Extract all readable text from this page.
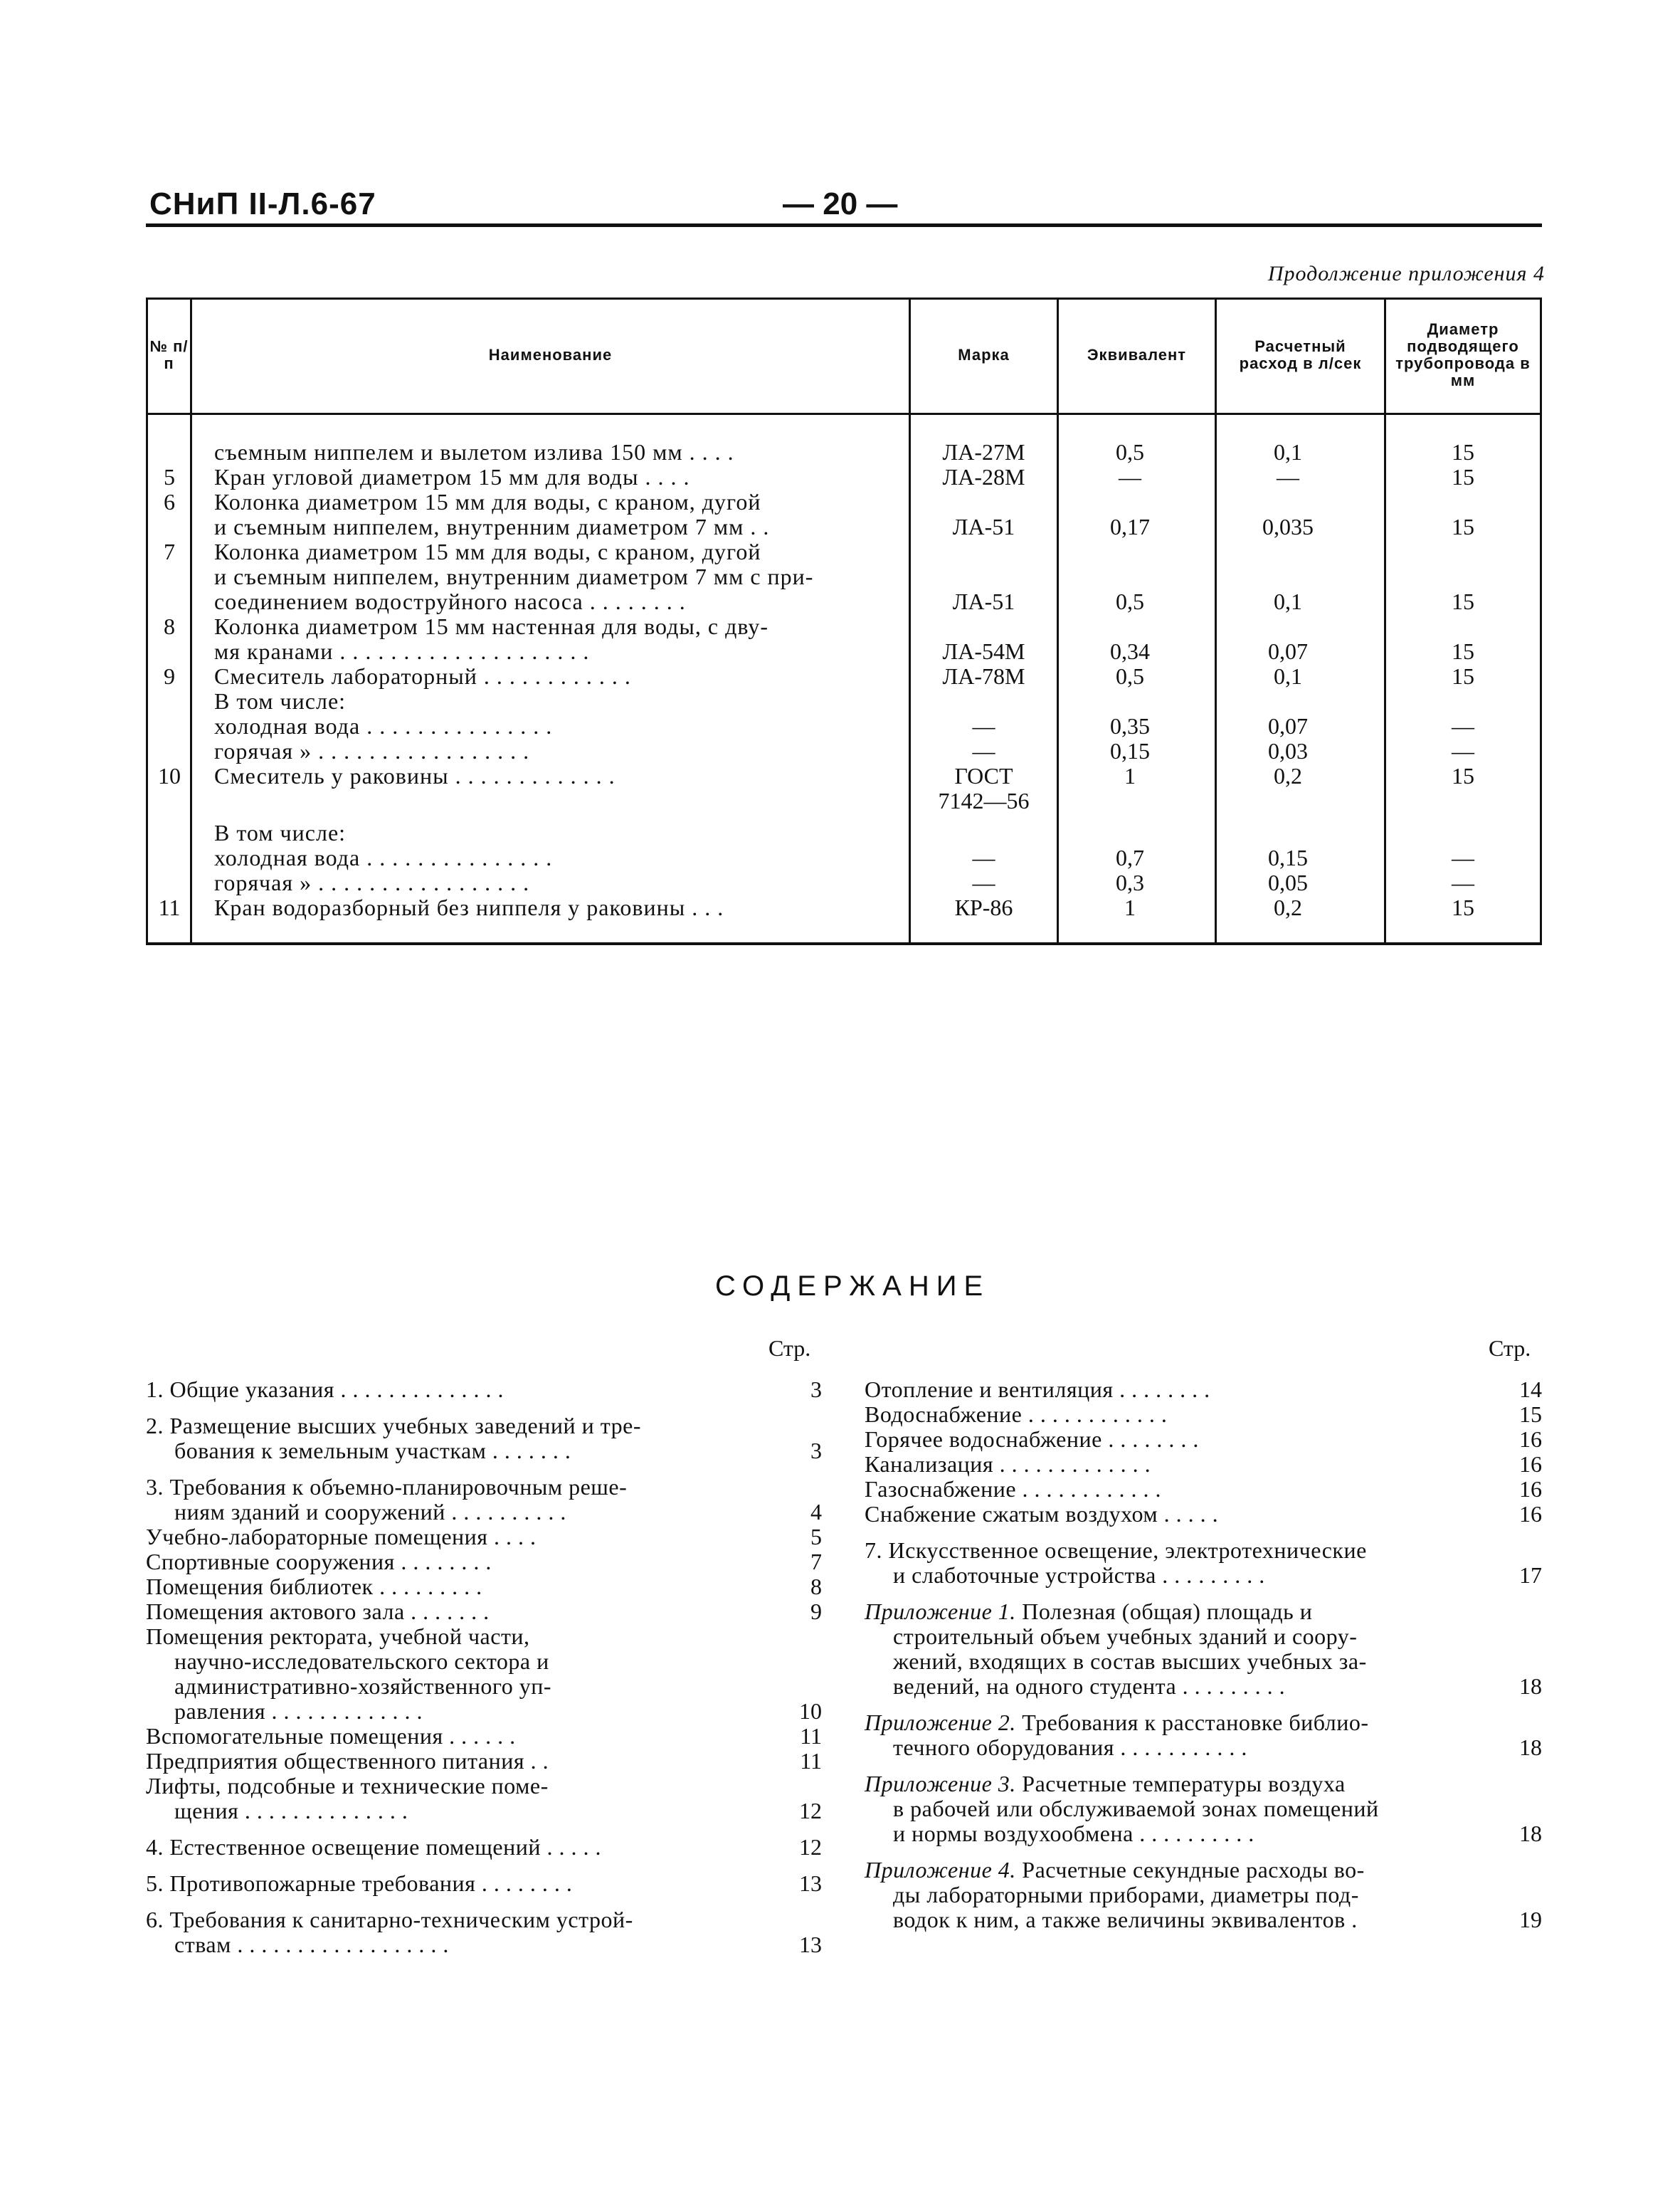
СНиП II-Л.6-67	— 20 —
Продолжение приложения 4
№ п/п	Наименование	Марка	Эквивалент	Расчетный расход в л/сек
Диаметр подводящего трубопровода в мм
съемным ниппелем и вылетом излива 150 мм . . . .	ЛА-27М	0,5	0,1	15
5	Кран угловой диаметром 15 мм для воды . . . .	ЛА-28М	—	—	15
6	Колонка диаметром 15 мм для воды, с краном, дугой
и съемным ниппелем, внутренним диаметром 7 мм . .	ЛА-51	0,17	0,035	15
7	Колонка диаметром 15 мм для воды, с краном, дугой
и съемным ниппелем, внутренним диаметром 7 мм с при-
соединением водоструйного насоса . . . . . . . .	ЛА-51	0,5	0,1	15
8	Колонка диаметром 15 мм настенная для воды, с дву-
мя кранами . . . . . . . . . . . . . . . . . . . .	ЛА-54М	0,34	0,07	15
9	Смеситель лабораторный . . . . . . . . . . . .	ЛА-78М	0,5	0,1	15
В том числе:
холодная вода . . . . . . . . . . . . . . .	—	0,35	0,07	—
горячая » . . . . . . . . . . . . . . . . .	—	0,15	0,03	—
10	Смеситель у раковины . . . . . . . . . . . . .	ГОСТ	1	0,2	15
7142—56
В том числе:
холодная вода . . . . . . . . . . . . . . .	—	0,7	0,15	—
горячая » . . . . . . . . . . . . . . . . .	—	0,3	0,05	—
11	Кран водоразборный без ниппеля у раковины . . .	КР-86	1	0,2	15
СОДЕРЖАНИЕ
Стр.	Стр.
1. Общие указания . . . . . . . . . . . . . .	3
2. Размещение высших учебных заведений и тре-
бования к земельным участкам . . . . . . .	3
3. Требования к объемно-планировочным реше-
ниям зданий и сооружений . . . . . . . . . .	4
Учебно-лабораторные помещения . . . .	5
Спортивные сооружения . . . . . . . .	7
Помещения библиотек . . . . . . . . .	8
Помещения актового зала . . . . . . .	9
Помещения ректората, учебной части,
научно-исследовательского сектора и
административно-хозяйственного уп-
равления . . . . . . . . . . . . .	10
Вспомогательные помещения . . . . . .	11
Предприятия общественного питания . .	11
Лифты, подсобные и технические поме-
щения . . . . . . . . . . . . . .	12
4. Естественное освещение помещений . . . . .	12
5. Противопожарные требования . . . . . . . .	13
6. Требования к санитарно-техническим устрой-
ствам . . . . . . . . . . . . . . . . . .	13
Отопление и вентиляция . . . . . . . .	14
Водоснабжение . . . . . . . . . . . .	15
Горячее водоснабжение . . . . . . . .	16
Канализация . . . . . . . . . . . . .	16
Газоснабжение . . . . . . . . . . . .	16
Снабжение сжатым воздухом . . . . .	16
7. Искусственное освещение, электротехнические
и слаботочные устройства . . . . . . . . .	17
Приложение 1. Полезная (общая) площадь и
строительный объем учебных зданий и соору-
жений, входящих в состав высших учебных за-
ведений, на одного студента . . . . . . . . .	18
Приложение 2. Требования к расстановке библио-
течного оборудования . . . . . . . . . . .	18
Приложение 3. Расчетные температуры воздуха
в рабочей или обслуживаемой зонах помещений
и нормы воздухообмена . . . . . . . . . .	18
Приложение 4. Расчетные секундные расходы во-
ды лабораторными приборами, диаметры под-
водок к ним, а также величины эквивалентов .	19
